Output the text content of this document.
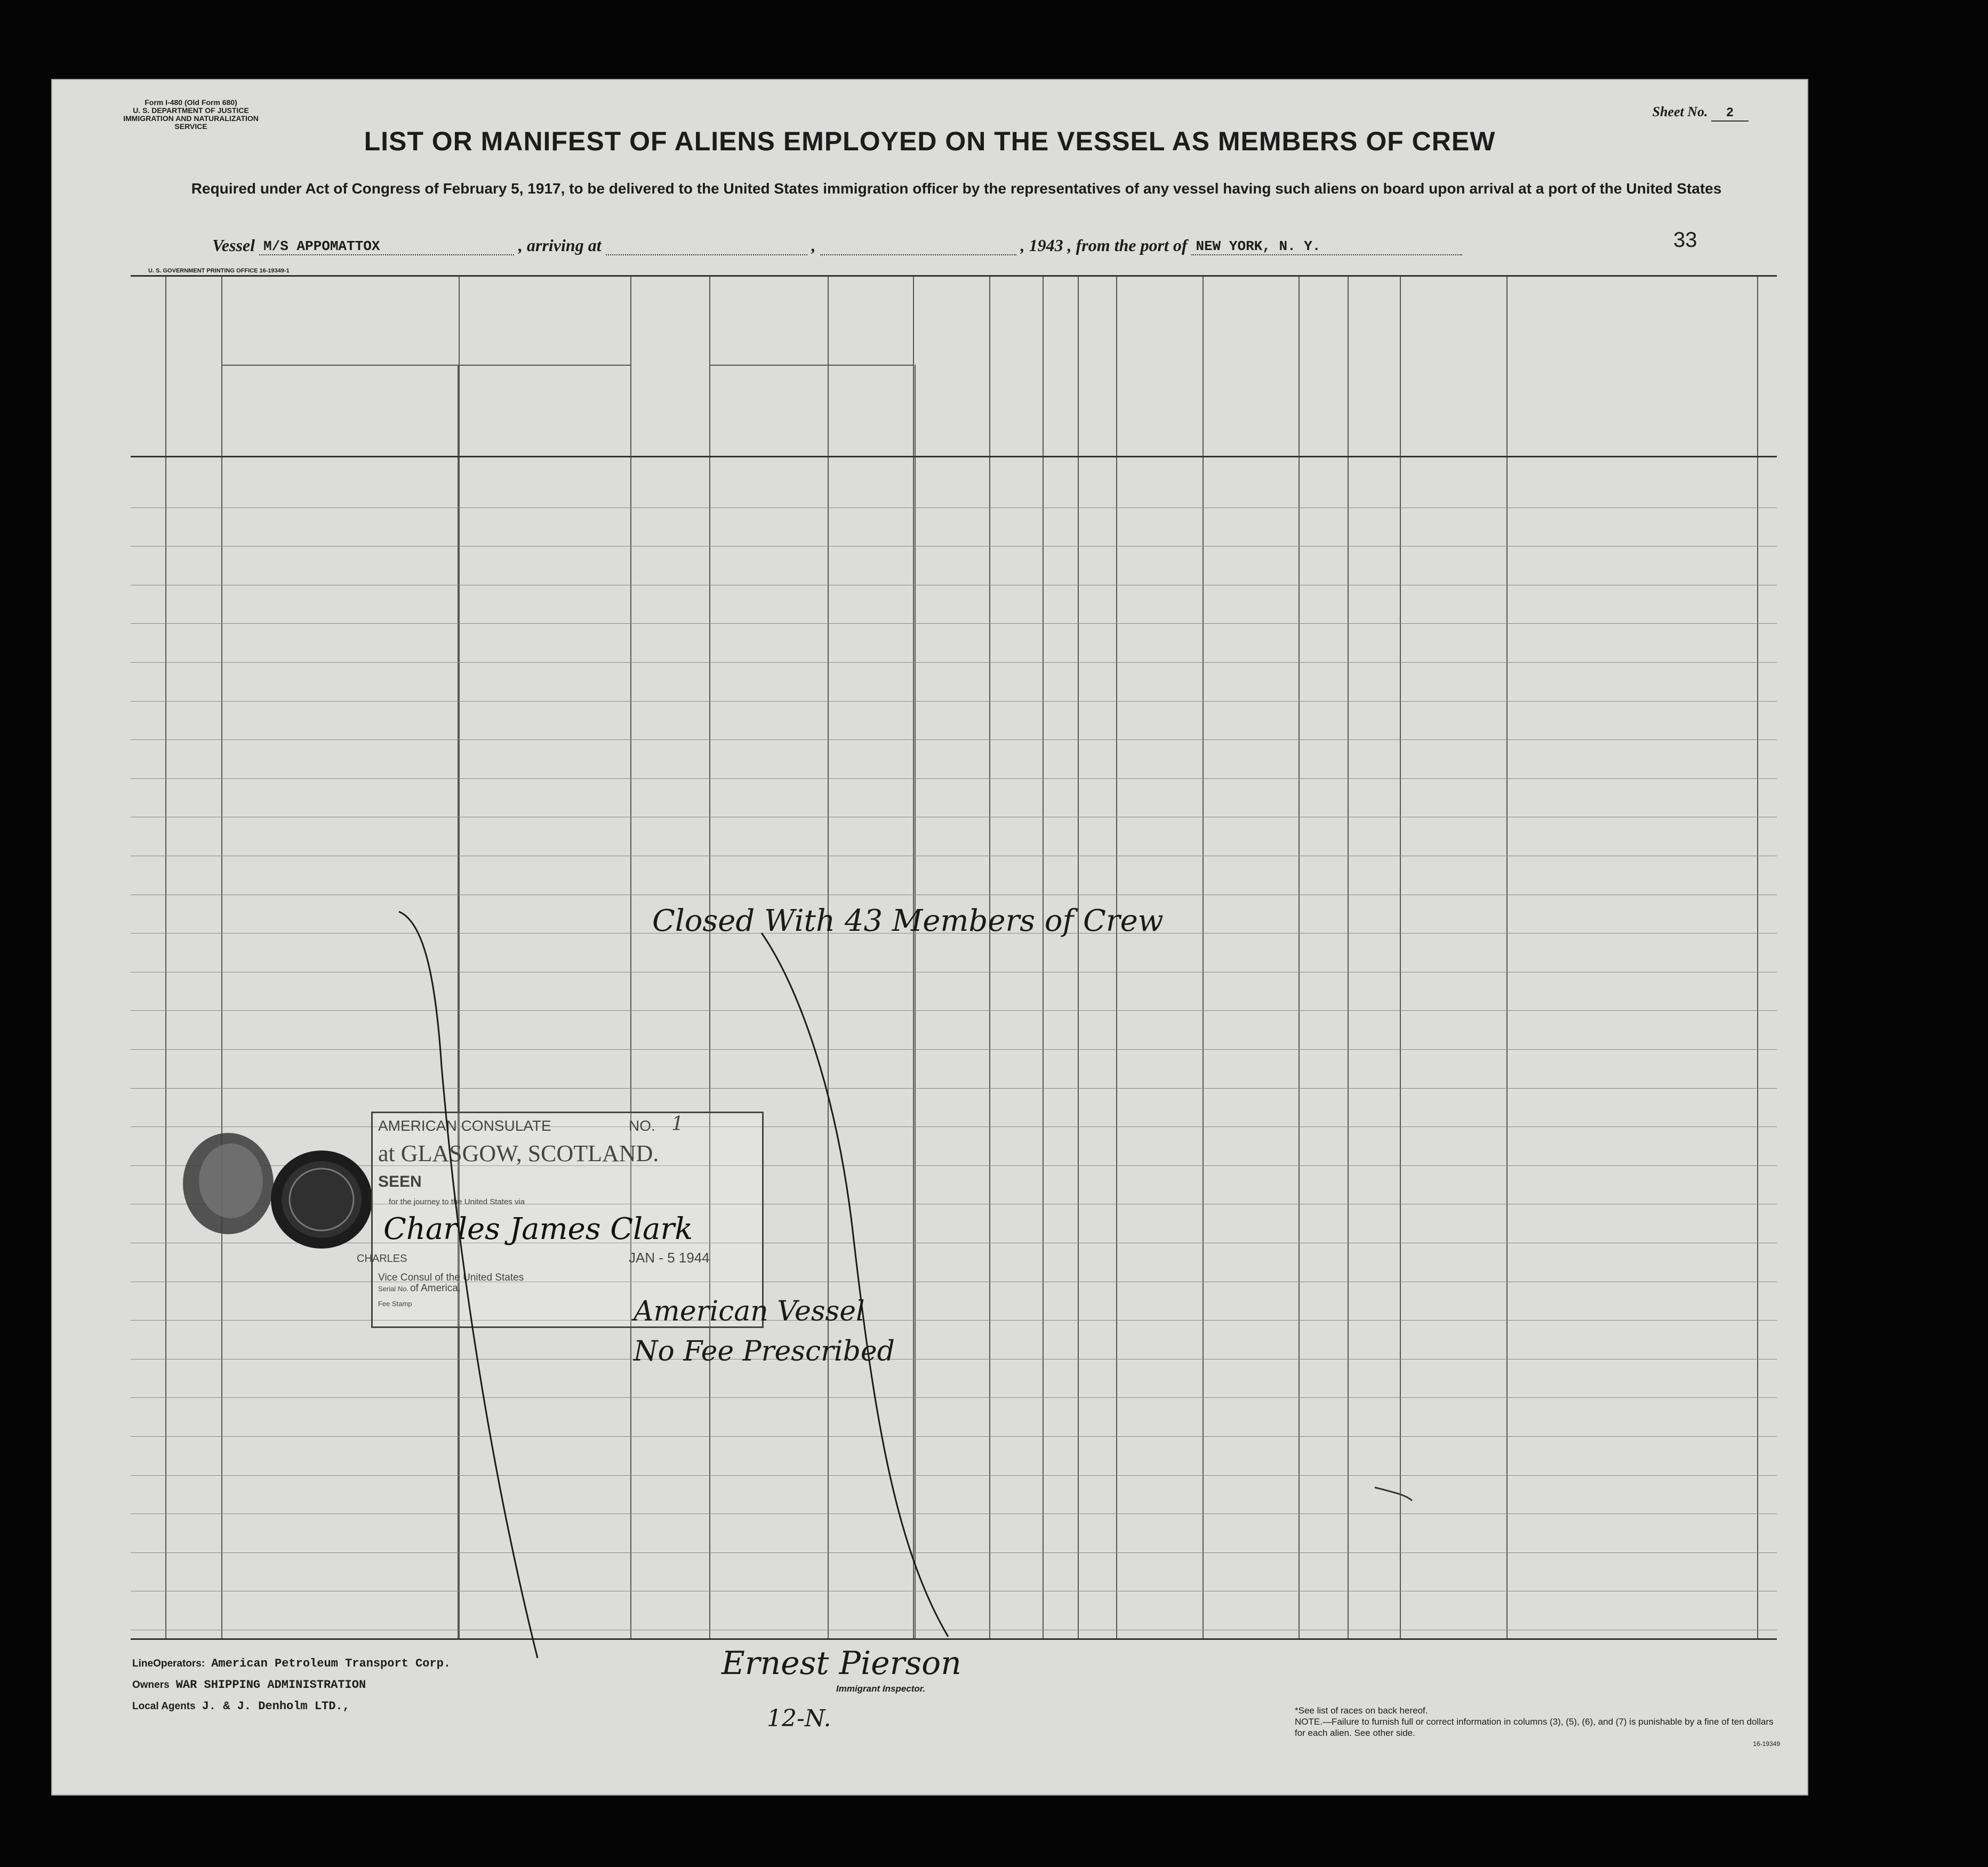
Form I-480 (Old Form 680)
U. S. DEPARTMENT OF JUSTICE
IMMIGRATION AND NATURALIZATION SERVICE
Sheet No. 2
LIST OR MANIFEST OF ALIENS EMPLOYED ON THE VESSEL AS MEMBERS OF CREW
Required under Act of Congress of February 5, 1917, to be delivered to the United States immigration officer by the representatives of any vessel having such aliens on board upon arrival at a port of the United States
Vessel M/S APPOMATTOX	, arriving at	,	, 1943 , from the port of NEW YORK, N. Y.	33
U. S. GOVERNMENT PRINTING OFFICE 16-19349-1
AMERICAN CONSULATE	NO. 1
at GLASGOW, SCOTLAND.
SEEN
for the journey to the United States via
Charles James Clark
CHARLES	JAN - 5 1944
Vice Consul of the United States
Serial No. of America.
Fee Stamp	American Vessel
No Fee Prescribed
Closed With 43 Members of Crew
LineOperators: American Petroleum Transport Corp.
Owners WAR SHIPPING ADMINISTRATION
Local Agents J. & J. Denholm LTD.,
Ernest Pierson
Immigrant Inspector.
12-N.	*See list of races on back hereof.
NOTE.—Failure to furnish full or correct information in columns (3), (5), (6), and (7) is punishable by a fine of ten dollars for each alien. See other side.
16-19349
